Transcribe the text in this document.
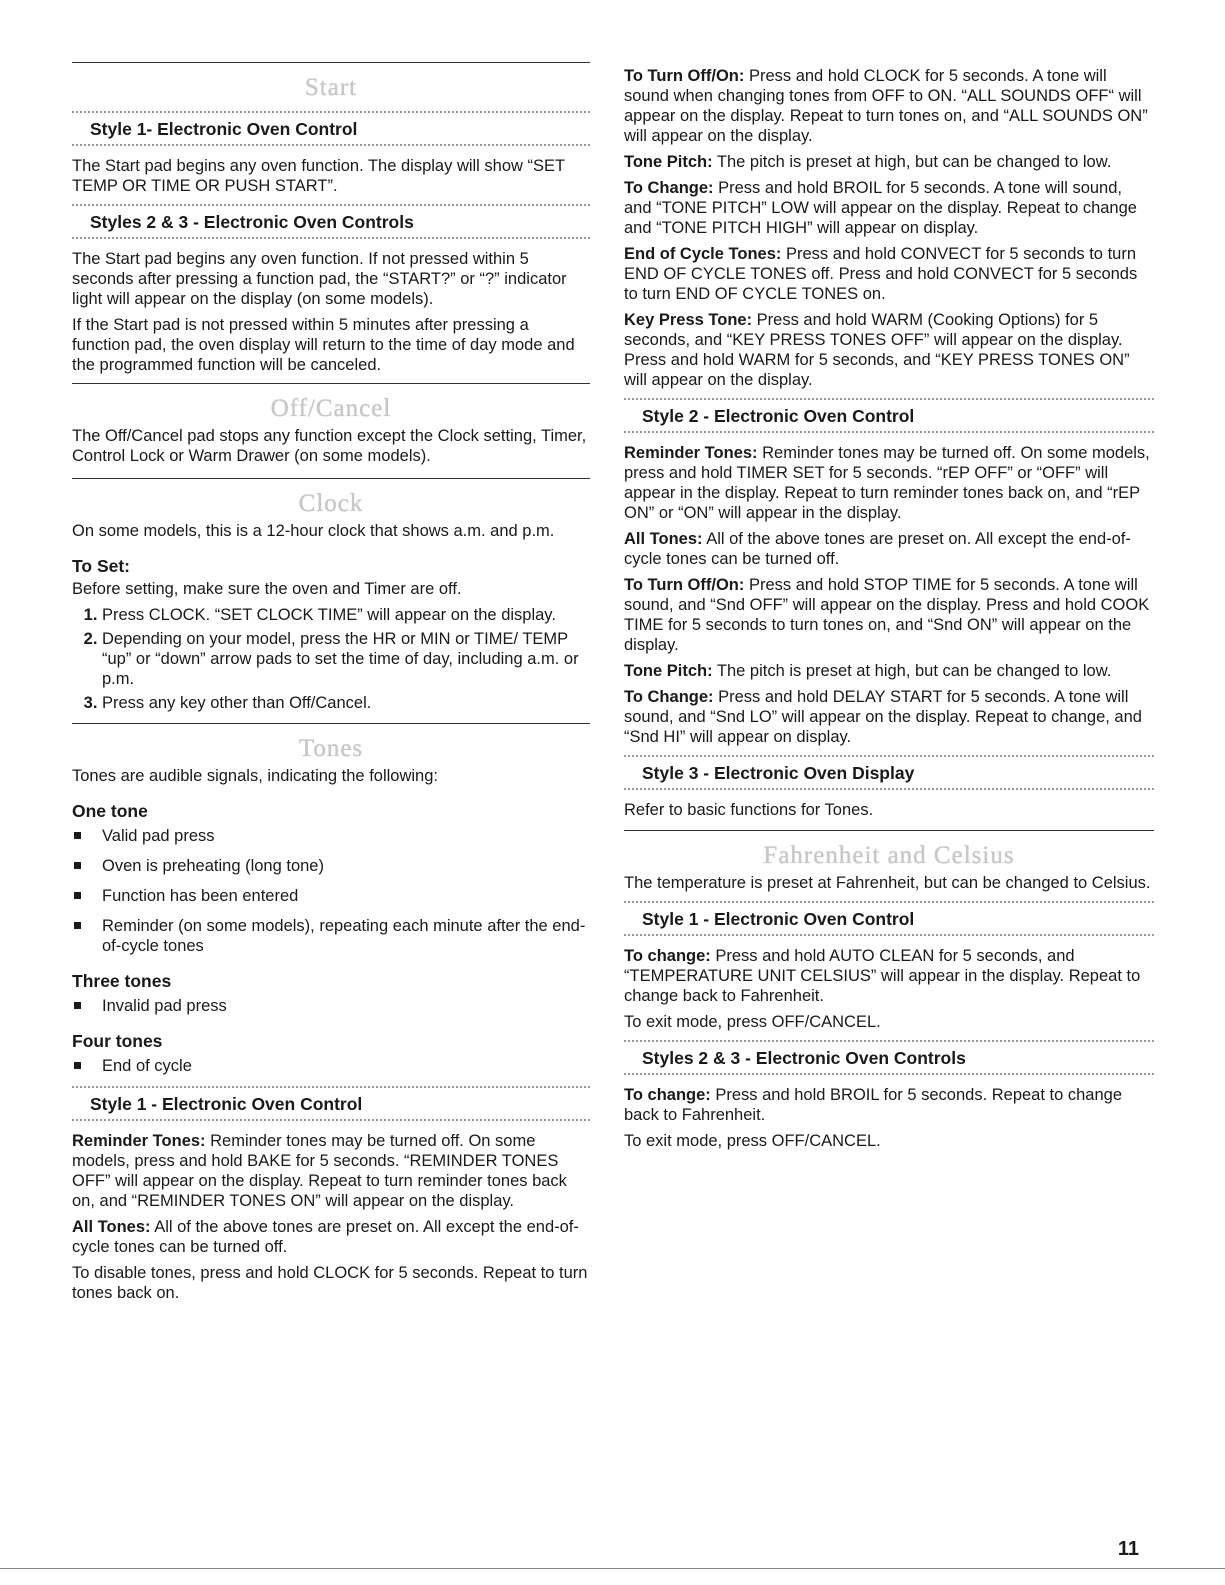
Start
Style 1- Electronic Oven Control

The Start pad begins any oven function. The display will show “SET TEMP OR TIME OR PUSH START”.

Styles 2 & 3 - Electronic Oven Controls

The Start pad begins any oven function. If not pressed within 5 seconds after pressing a function pad, the “START?” or “?” indicator light will appear on the display (on some models).

If the Start pad is not pressed within 5 minutes after pressing a function pad, the oven display will return to the time of day mode and the programmed function will be canceled.

Off/Cancel

The Off/Cancel pad stops any function except the Clock setting, Timer, Control Lock or Warm Drawer (on some models).

Clock

On some models, this is a 12-hour clock that shows a.m. and p.m.

To Set:

Before setting, make sure the oven and Timer are off.

1. Press CLOCK. “SET CLOCK TIME” will appear on the display.
2. Depending on your model, press the HR or MIN or TIME/ TEMP “up” or “down” arrow pads to set the time of day, including a.m. or p.m.
3. Press any key other than Off/Cancel.
Tones

Tones are audible signals, indicating the following:

One tone
Valid pad press
Oven is preheating (long tone)
Function has been entered
Reminder (on some models), repeating each minute after the end-of-cycle tones
Three tones
Invalid pad press
Four tones
End of cycle
Style 1 - Electronic Oven Control

Reminder Tones: Reminder tones may be turned off. On some models, press and hold BAKE for 5 seconds. “REMINDER TONES OFF” will appear on the display. Repeat to turn reminder tones back on, and “REMINDER TONES ON” will appear on the display.

All Tones: All of the above tones are preset on. All except the end-of-cycle tones can be turned off.

To disable tones, press and hold CLOCK for 5 seconds. Repeat to turn tones back on.

To Turn Off/On: Press and hold CLOCK for 5 seconds. A tone will sound when changing tones from OFF to ON. “ALL SOUNDS OFF“ will appear on the display. Repeat to turn tones on, and “ALL SOUNDS ON” will appear on the display.

Tone Pitch: The pitch is preset at high, but can be changed to low.

To Change: Press and hold BROIL for 5 seconds. A tone will sound, and “TONE PITCH” LOW will appear on the display. Repeat to change and “TONE PITCH HIGH” will appear on display.

End of Cycle Tones: Press and hold CONVECT for 5 seconds to turn END OF CYCLE TONES off. Press and hold CONVECT for 5 seconds to turn END OF CYCLE TONES on.

Key Press Tone: Press and hold WARM (Cooking Options) for 5 seconds, and “KEY PRESS TONES OFF” will appear on the display. Press and hold WARM for 5 seconds, and “KEY PRESS TONES ON” will appear on the display.

Style 2 - Electronic Oven Control

Reminder Tones: Reminder tones may be turned off. On some models, press and hold TIMER SET for 5 seconds. “rEP OFF” or “OFF” will appear in the display. Repeat to turn reminder tones back on, and “rEP ON” or “ON” will appear in the display.

All Tones: All of the above tones are preset on. All except the end-of-cycle tones can be turned off.

To Turn Off/On: Press and hold STOP TIME for 5 seconds. A tone will sound, and “Snd OFF” will appear on the display. Press and hold COOK TIME for 5 seconds to turn tones on, and “Snd ON” will appear on the display.

Tone Pitch: The pitch is preset at high, but can be changed to low.

To Change: Press and hold DELAY START for 5 seconds. A tone will sound, and “Snd LO” will appear on the display. Repeat to change, and “Snd HI” will appear on display.

Style 3 - Electronic Oven Display

Refer to basic functions for Tones.

Fahrenheit and Celsius

The temperature is preset at Fahrenheit, but can be changed to Celsius.

Style 1 - Electronic Oven Control

To change: Press and hold AUTO CLEAN for 5 seconds, and “TEMPERATURE UNIT CELSIUS” will appear in the display. Repeat to change back to Fahrenheit.

To exit mode, press OFF/CANCEL.

Styles 2 & 3 - Electronic Oven Controls

To change: Press and hold BROIL for 5 seconds. Repeat to change back to Fahrenheit.

To exit mode, press OFF/CANCEL.

11
